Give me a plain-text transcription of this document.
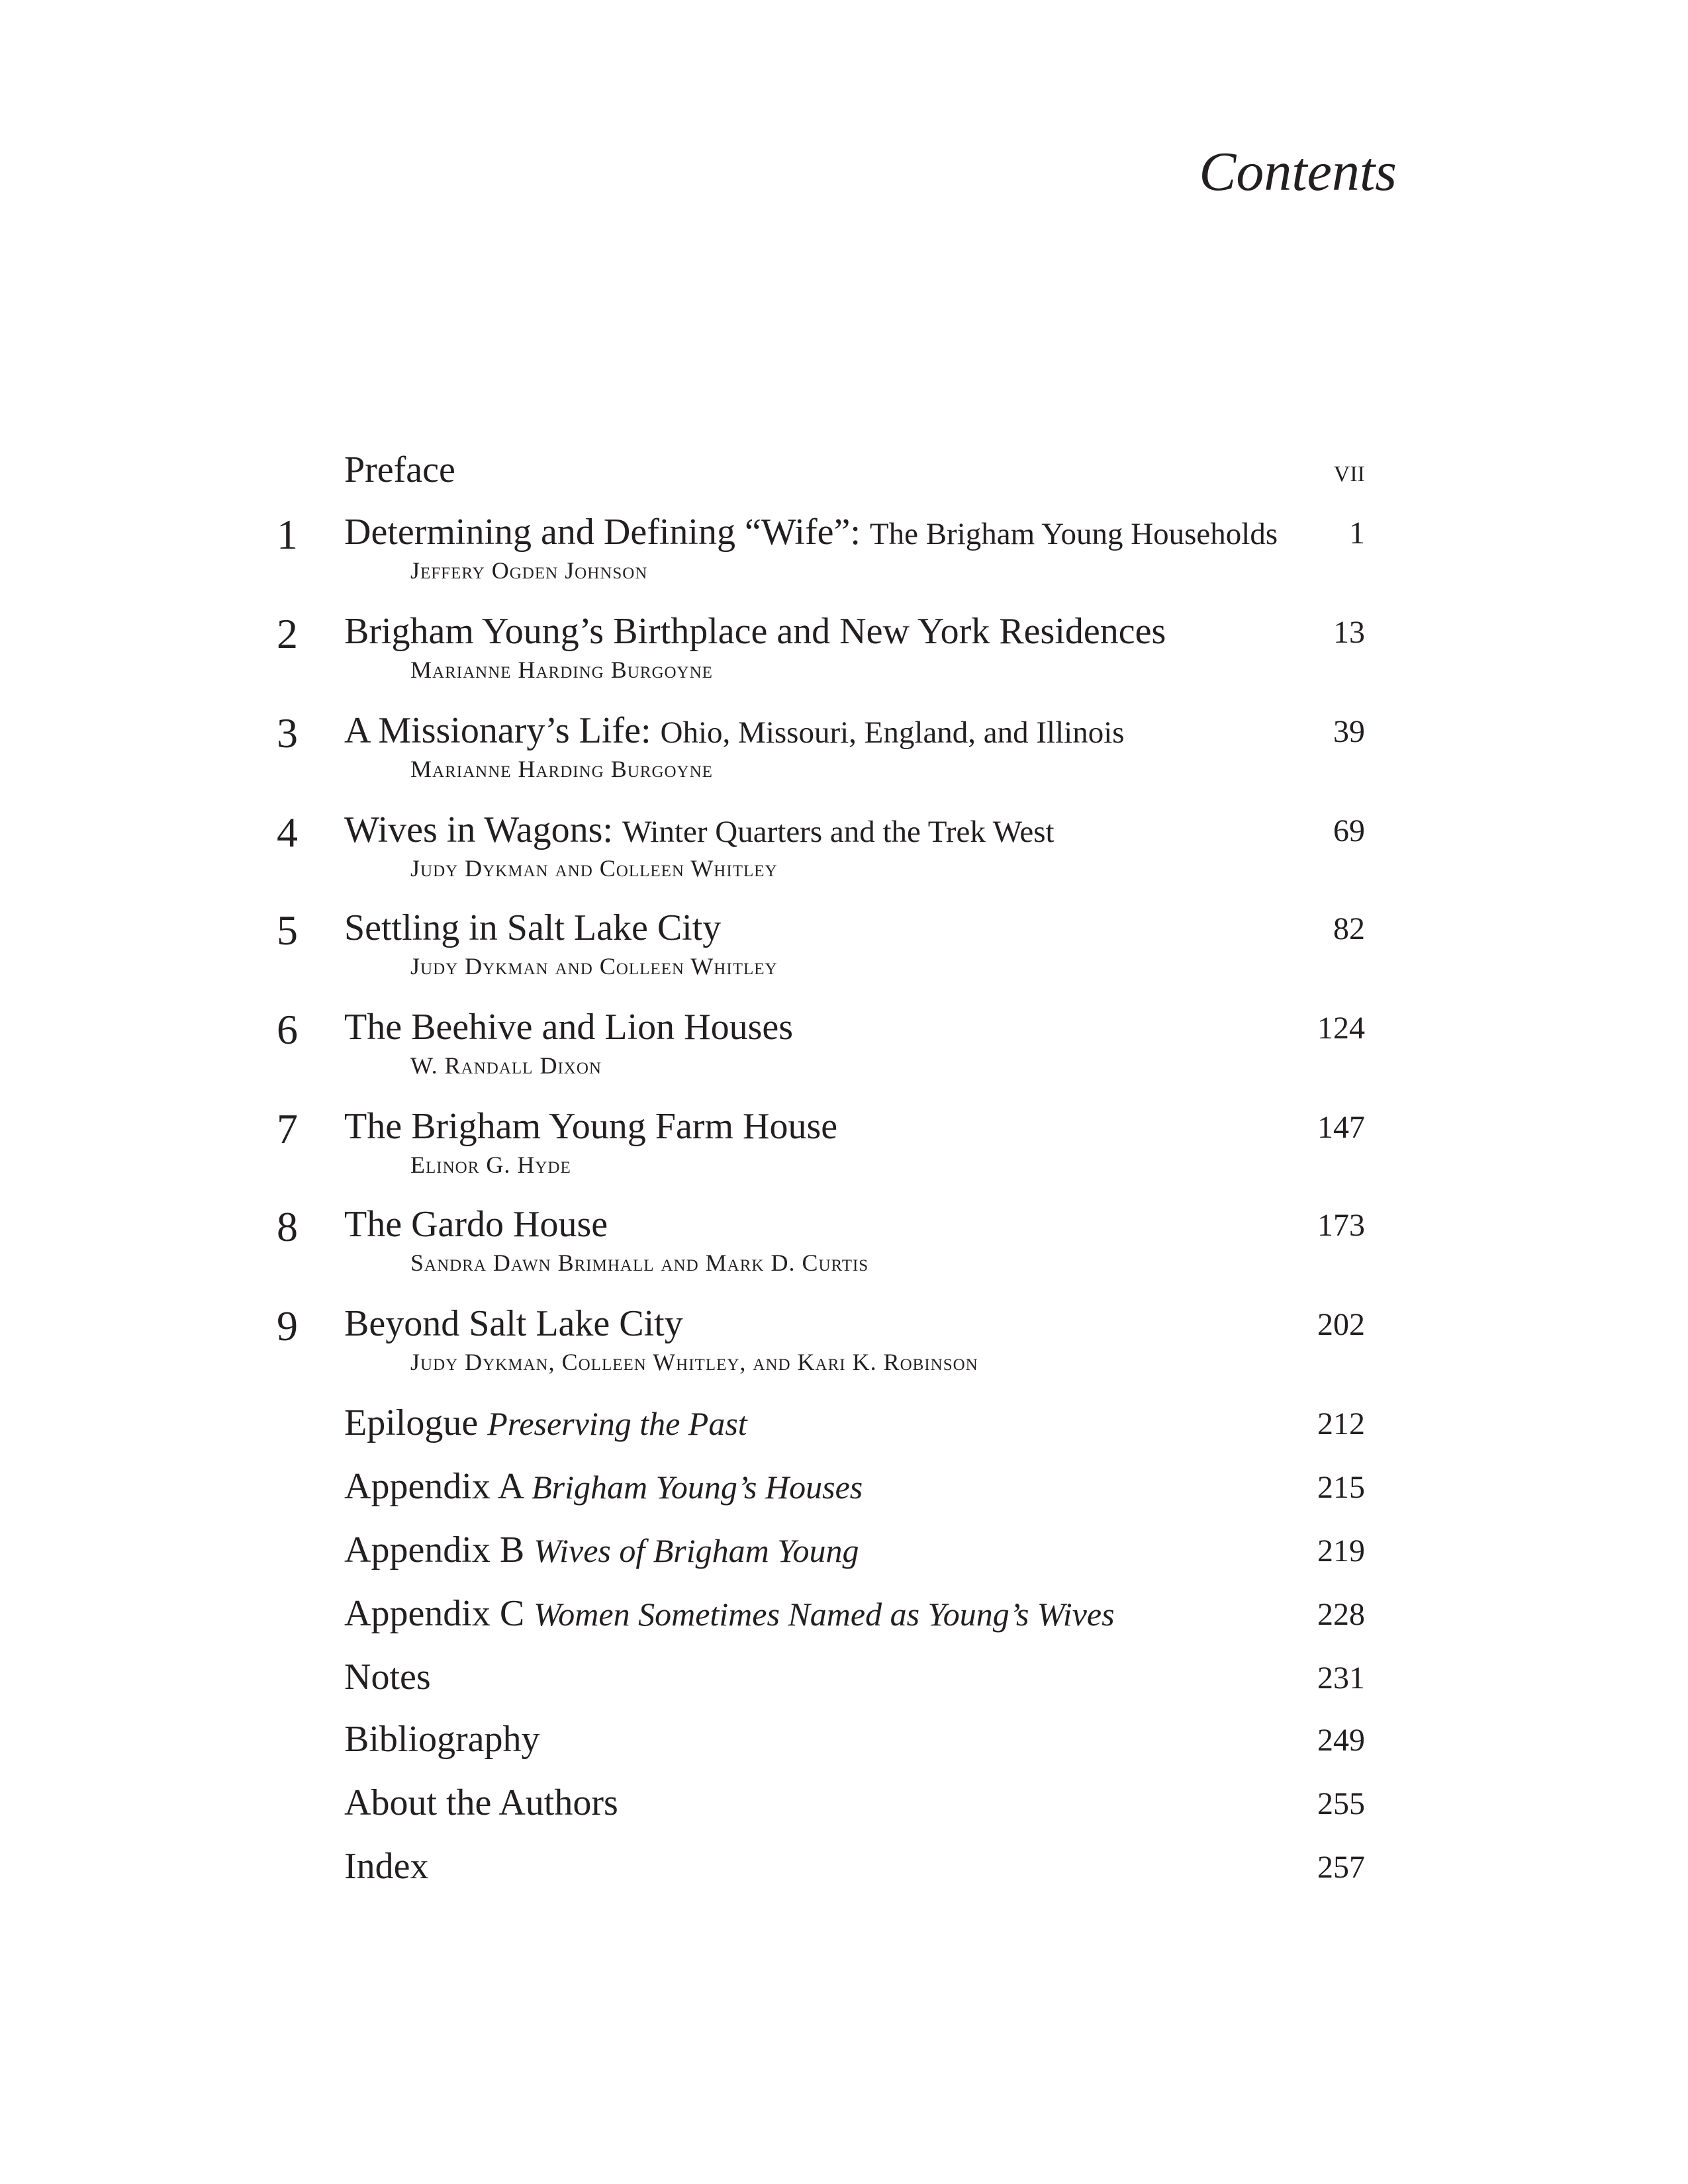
Contents
Preface	vii
1 Determining and Defining “Wife”: The Brigham Young Households 1
Jeffery Ogden Johnson
2 Brigham Young’s Birthplace and New York Residences	13
Marianne Harding Burgoyne
3 A Missionary’s Life: Ohio, Missouri, England, and Illinois	39
Marianne Harding Burgoyne
4 Wives in Wagons: Winter Quarters and the Trek West	69
Judy Dykman and Colleen Whitley
5 Settling in Salt Lake City	82
Judy Dykman and Colleen Whitley
6 The Beehive and Lion Houses	124
W. Randall Dixon
7 The Brigham Young Farm House	147
Elinor G. Hyde
8 The Gardo House	173
Sandra Dawn Brimhall and Mark D. Curtis
9 Beyond Salt Lake City	202
Judy Dykman, Colleen Whitley, and Kari K. Robinson
Epilogue Preserving the Past	212
Appendix A Brigham Young’s Houses	215
Appendix B Wives of Brigham Young	219
Appendix C Women Sometimes Named as Young’s Wives	228
Notes	231
Bibliography	249
About the Authors	255
Index	257
